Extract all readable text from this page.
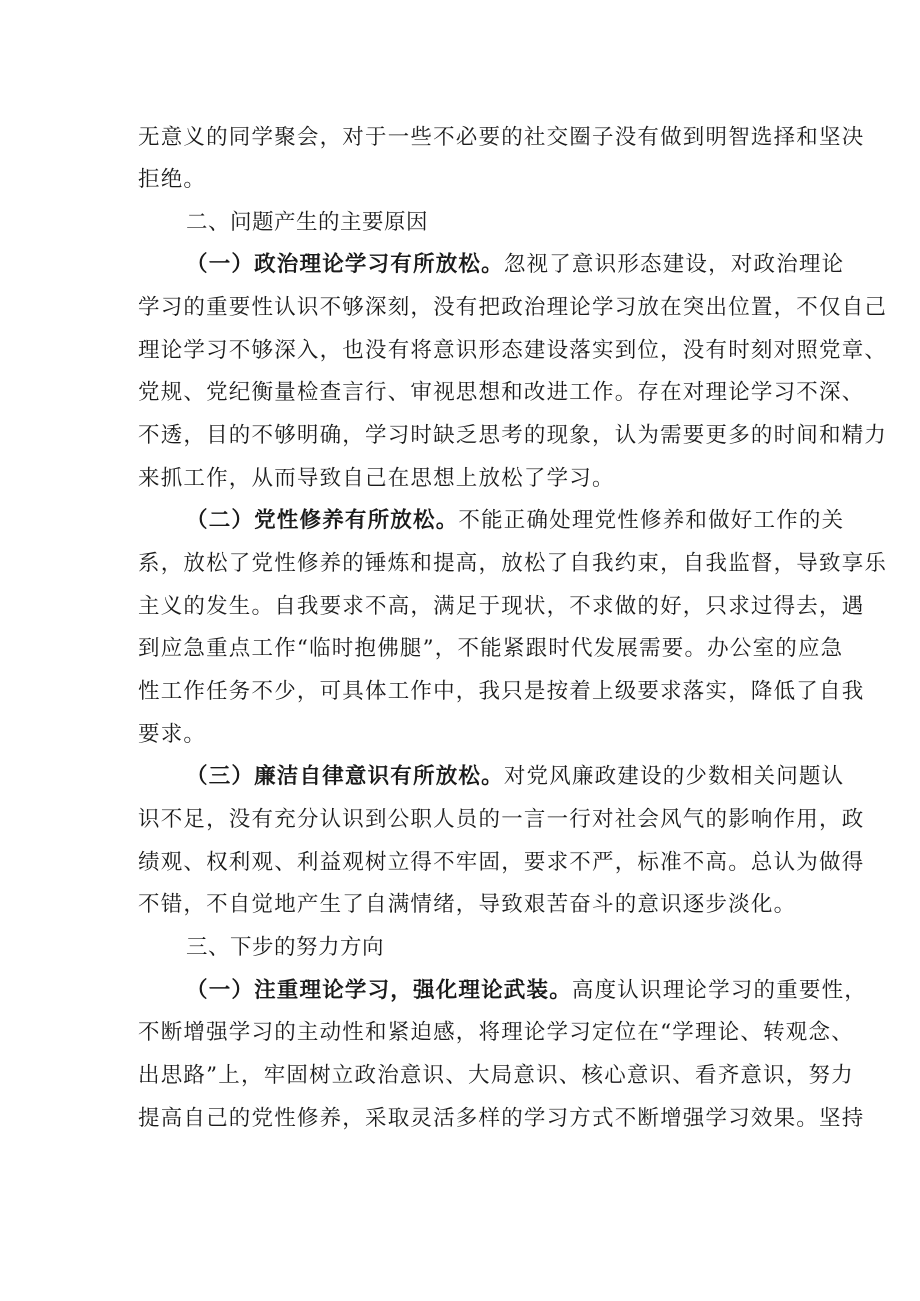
无意义的同学聚会，对于一些不必要的社交圈子没有做到明智选择和坚决
拒绝。
二、问题产生的主要原因
（一）政治理论学习有所放松。忽视了意识形态建设，对政治理论
学习的重要性认识不够深刻，没有把政治理论学习放在突出位置，不仅自己
理论学习不够深入，也没有将意识形态建设落实到位，没有时刻对照党章、
党规、党纪衡量检查言行、审视思想和改进工作。存在对理论学习不深、
不透，目的不够明确，学习时缺乏思考的现象，认为需要更多的时间和精力
来抓工作，从而导致自己在思想上放松了学习。
（二）党性修养有所放松。不能正确处理党性修养和做好工作的关
系，放松了党性修养的锤炼和提高，放松了自我约束，自我监督，导致享乐
主义的发生。自我要求不高，满足于现状，不求做的好，只求过得去，遇
到应急重点工作“临时抱佛腿”，不能紧跟时代发展需要。办公室的应急
性工作任务不少，可具体工作中，我只是按着上级要求落实，降低了自我
要求。
（三）廉洁自律意识有所放松。对党风廉政建设的少数相关问题认
识不足，没有充分认识到公职人员的一言一行对社会风气的影响作用，政
绩观、权利观、利益观树立得不牢固，要求不严，标准不高。总认为做得
不错，不自觉地产生了自满情绪，导致艰苦奋斗的意识逐步淡化。
三、下步的努力方向
（一）注重理论学习，强化理论武装。高度认识理论学习的重要性，
不断增强学习的主动性和紧迫感，将理论学习定位在“学理论、转观念、
出思路”上，牢固树立政治意识、大局意识、核心意识、看齐意识，努力
提高自己的党性修养，采取灵活多样的学习方式不断增强学习效果。坚持
